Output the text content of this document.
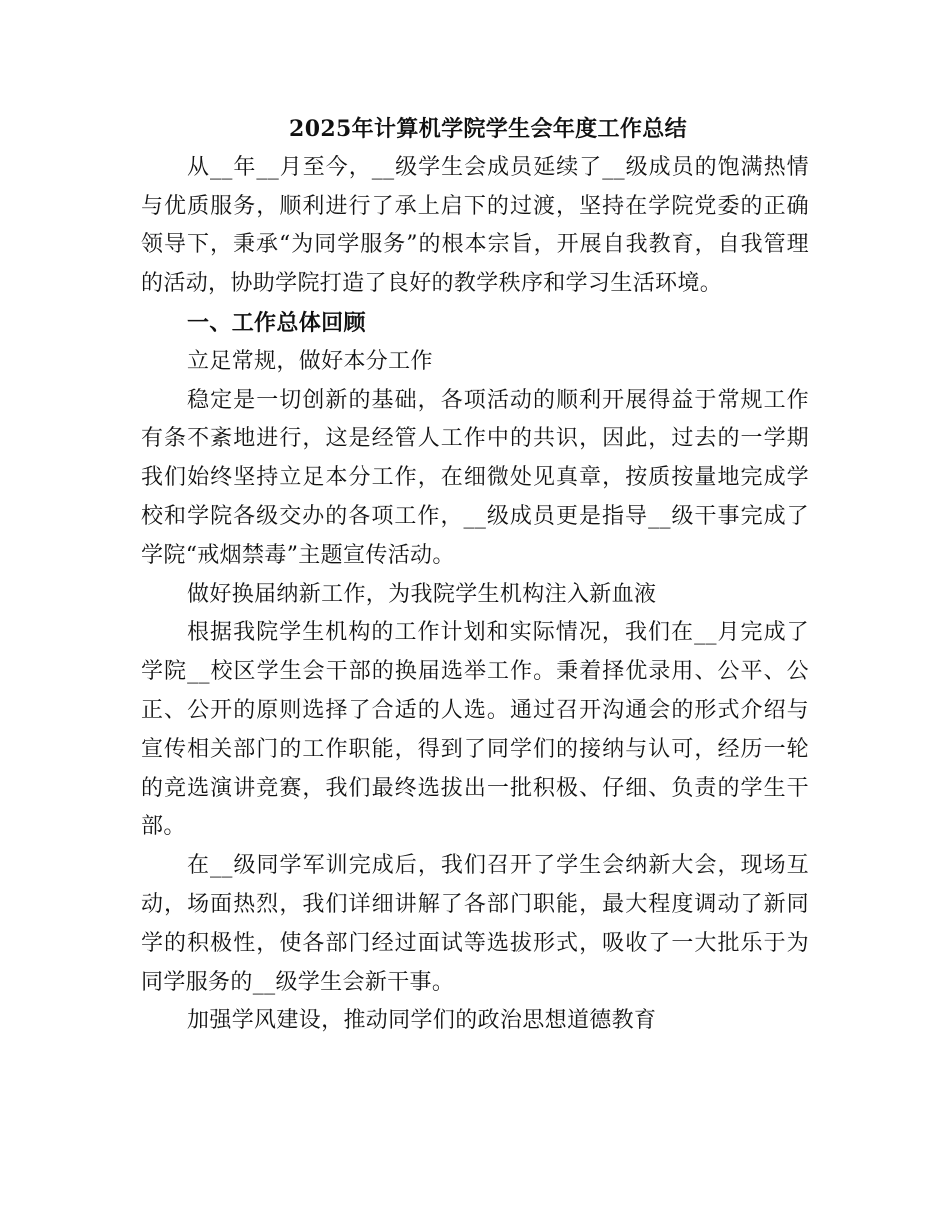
2025年计算机学院学生会年度工作总结

从__年__月至今，__级学生会成员延续了__级成员的饱满热情与优质服务，顺利进行了承上启下的过渡，坚持在学院党委的正确领导下，秉承“为同学服务”的根本宗旨，开展自我教育，自我管理的活动，协助学院打造了良好的教学秩序和学习生活环境。

一、工作总体回顾

立足常规，做好本分工作

稳定是一切创新的基础，各项活动的顺利开展得益于常规工作有条不紊地进行，这是经管人工作中的共识，因此，过去的一学期我们始终坚持立足本分工作，在细微处见真章，按质按量地完成学校和学院各级交办的各项工作，__级成员更是指导__级干事完成了学院“戒烟禁毒”主题宣传活动。

做好换届纳新工作，为我院学生机构注入新血液

根据我院学生机构的工作计划和实际情况，我们在__月完成了学院__校区学生会干部的换届选举工作。秉着择优录用、公平、公正、公开的原则选择了合适的人选。通过召开沟通会的形式介绍与宣传相关部门的工作职能，得到了同学们的接纳与认可，经历一轮的竞选演讲竞赛，我们最终选拔出一批积极、仔细、负责的学生干部。

在__级同学军训完成后，我们召开了学生会纳新大会，现场互动，场面热烈，我们详细讲解了各部门职能，最大程度调动了新同学的积极性，使各部门经过面试等选拔形式，吸收了一大批乐于为同学服务的__级学生会新干事。

加强学风建设，推动同学们的政治思想道德教育
